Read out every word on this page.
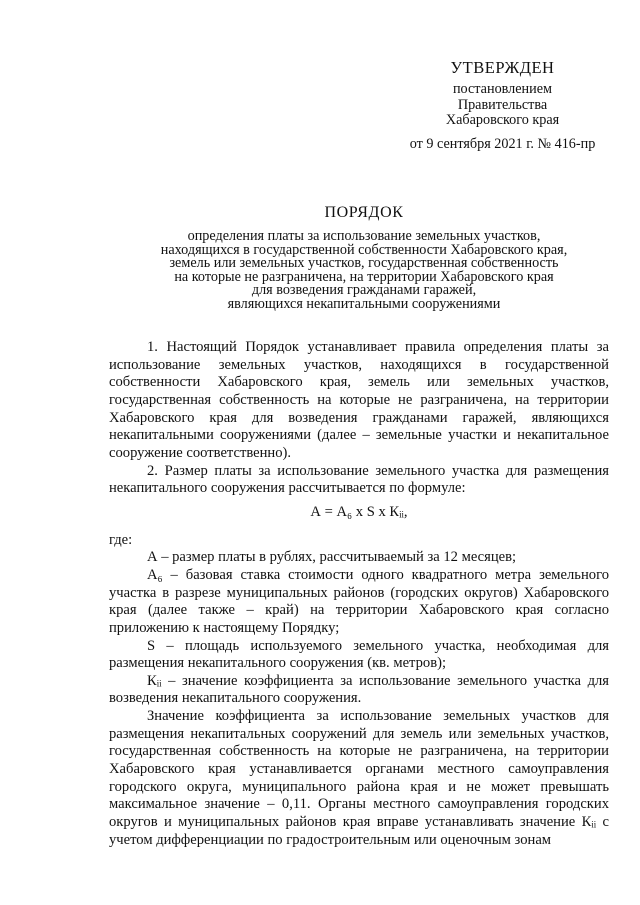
УТВЕРЖДЕН
постановлением
Правительства
Хабаровского края
от 9 сентября 2021 г. № 416-пр
ПОРЯДОК
определения платы за использование земельных участков,
находящихся в государственной собственности Хабаровского края,
земель или земельных участков, государственная собственность
на которые не разграничена, на территории Хабаровского края
для возведения гражданами гаражей,
являющихся некапитальными сооружениями

1. Настоящий Порядок устанавливает правила определения платы за использование земельных участков, находящихся в государственной собственности Хабаровского края, земель или земельных участков, государственная собственность на которые не разграничена, на территории Хабаровского края для возведения гражданами гаражей, являющихся некапитальными сооружениями (далее – земельные участки и некапитальное сооружение соответственно).

2. Размер платы за использование земельного участка для размещения некапитального сооружения рассчитывается по формуле:

А = А₆ х S х Кᵢᵢ,

где:

А – размер платы в рублях, рассчитываемый за 12 месяцев;

А₆ – базовая ставка стоимости одного квадратного метра земельного участка в разрезе муниципальных районов (городских округов) Хабаровского края (далее также – край) на территории Хабаровского края согласно приложению к настоящему Порядку;

S – площадь используемого земельного участка, необходимая для размещения некапитального сооружения (кв. метров);

Кᵢᵢ – значение коэффициента за использование земельного участка для возведения некапитального сооружения.

Значение коэффициента за использование земельных участков для размещения некапитальных сооружений для земель или земельных участков, государственная собственность на которые не разграничена, на территории Хабаровского края устанавливается органами местного самоуправления городского округа, муниципального района края и не может превышать максимальное значение – 0,11. Органы местного самоуправления городских округов и муниципальных районов края вправе устанавливать значение Кᵢᵢ с учетом дифференциации по градостроительным или оценочным зонам
